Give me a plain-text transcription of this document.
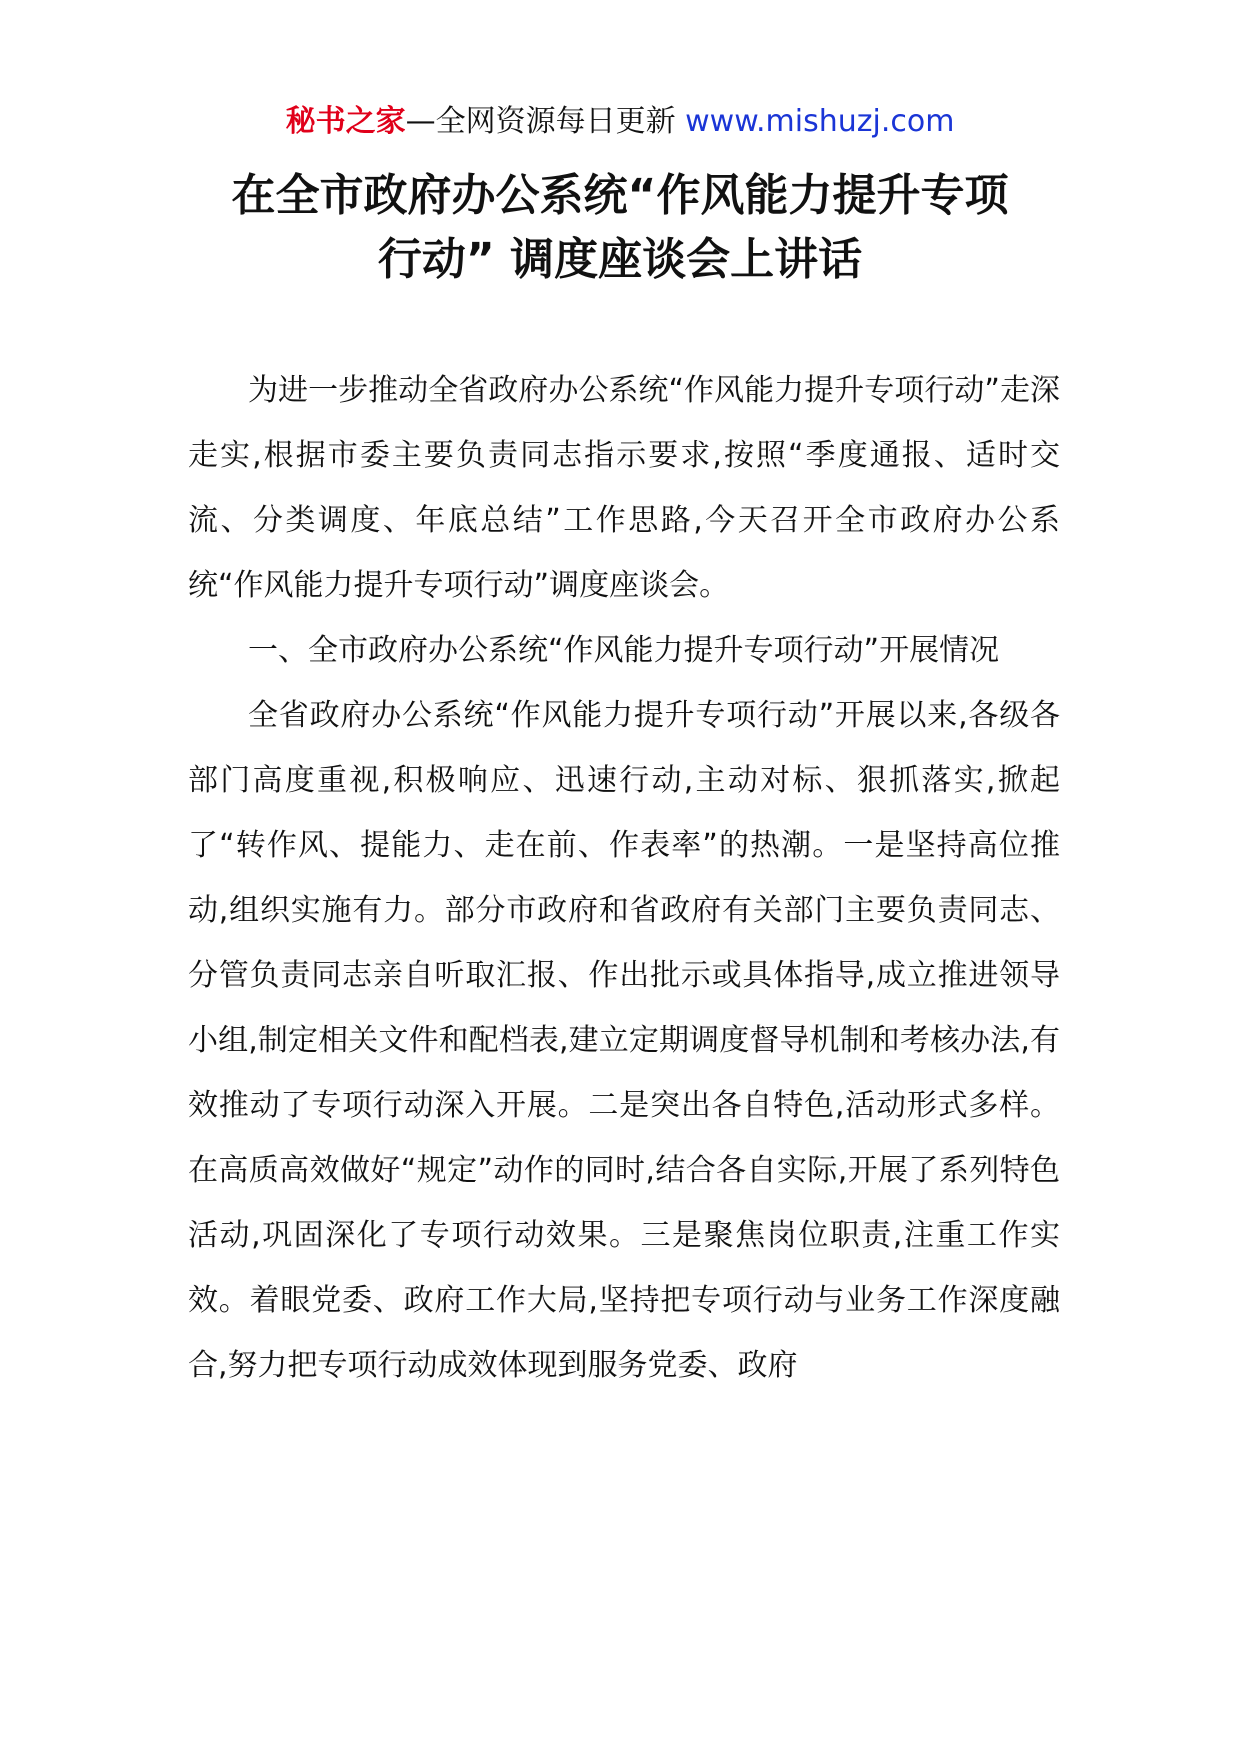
秘书之家—全网资源每日更新 www.mishuzj.com
在全市政府办公系统“作风能力提升专项
行动” 调度座谈会上讲话

为进一步推动全省政府办公系统“作风能力提升专项行动”走深走实,根据市委主要负责同志指示要求,按照“季度通报、适时交流、分类调度、年底总结”工作思路,今天召开全市政府办公系统“作风能力提升专项行动”调度座谈会。

一、全市政府办公系统“作风能力提升专项行动”开展情况

全省政府办公系统“作风能力提升专项行动”开展以来,各级各部门高度重视,积极响应、迅速行动,主动对标、狠抓落实,掀起了“转作风、提能力、走在前、作表率”的热潮。一是坚持高位推动,组织实施有力。部分市政府和省政府有关部门主要负责同志、分管负责同志亲自听取汇报、作出批示或具体指导,成立推进领导小组,制定相关文件和配档表,建立定期调度督导机制和考核办法,有效推动了专项行动深入开展。二是突出各自特色,活动形式多样。在高质高效做好“规定”动作的同时,结合各自实际,开展了系列特色活动,巩固深化了专项行动效果。三是聚焦岗位职责,注重工作实效。着眼党委、政府工作大局,坚持把专项行动与业务工作深度融合,努力把专项行动成效体现到服务党委、政府
